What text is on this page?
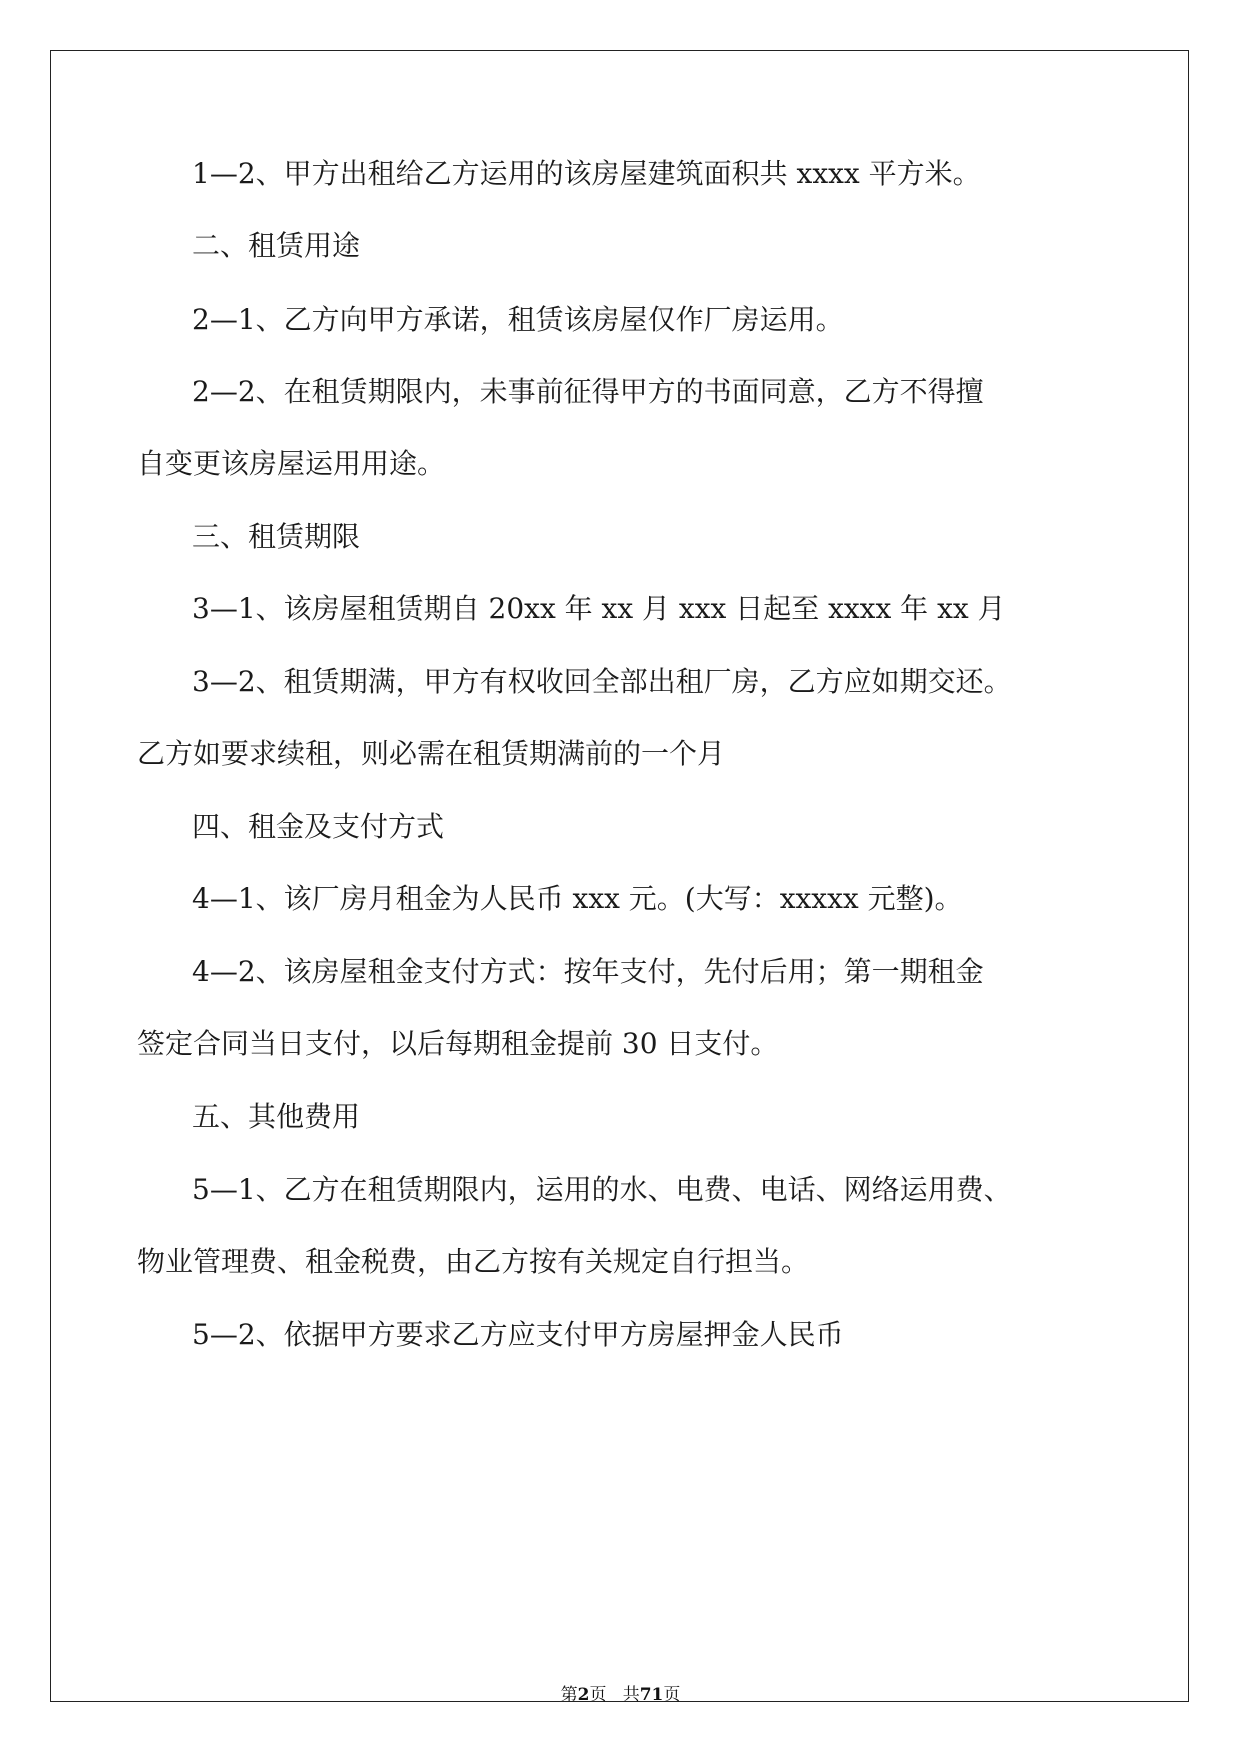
1—2、甲方出租给乙方运用的该房屋建筑面积共 xxxx 平方米。
二、租赁用途
2—1、乙方向甲方承诺，租赁该房屋仅作厂房运用。
2—2、在租赁期限内，未事前征得甲方的书面同意，乙方不得擅
自变更该房屋运用用途。
三、租赁期限
3—1、该房屋租赁期自 20xx 年 xx 月 xxx 日起至 xxxx 年 xx 月
3—2、租赁期满，甲方有权收回全部出租厂房，乙方应如期交还。
乙方如要求续租，则必需在租赁期满前的一个月
四、租金及支付方式
4—1、该厂房月租金为人民币 xxx 元。(大写：xxxxx 元整)。
4—2、该房屋租金支付方式：按年支付，先付后用；第一期租金
签定合同当日支付，以后每期租金提前 30 日支付。
五、其他费用
5—1、乙方在租赁期限内，运用的水、电费、电话、网络运用费、
物业管理费、租金税费，由乙方按有关规定自行担当。
5—2、依据甲方要求乙方应支付甲方房屋押金人民币
第2页 共71页
